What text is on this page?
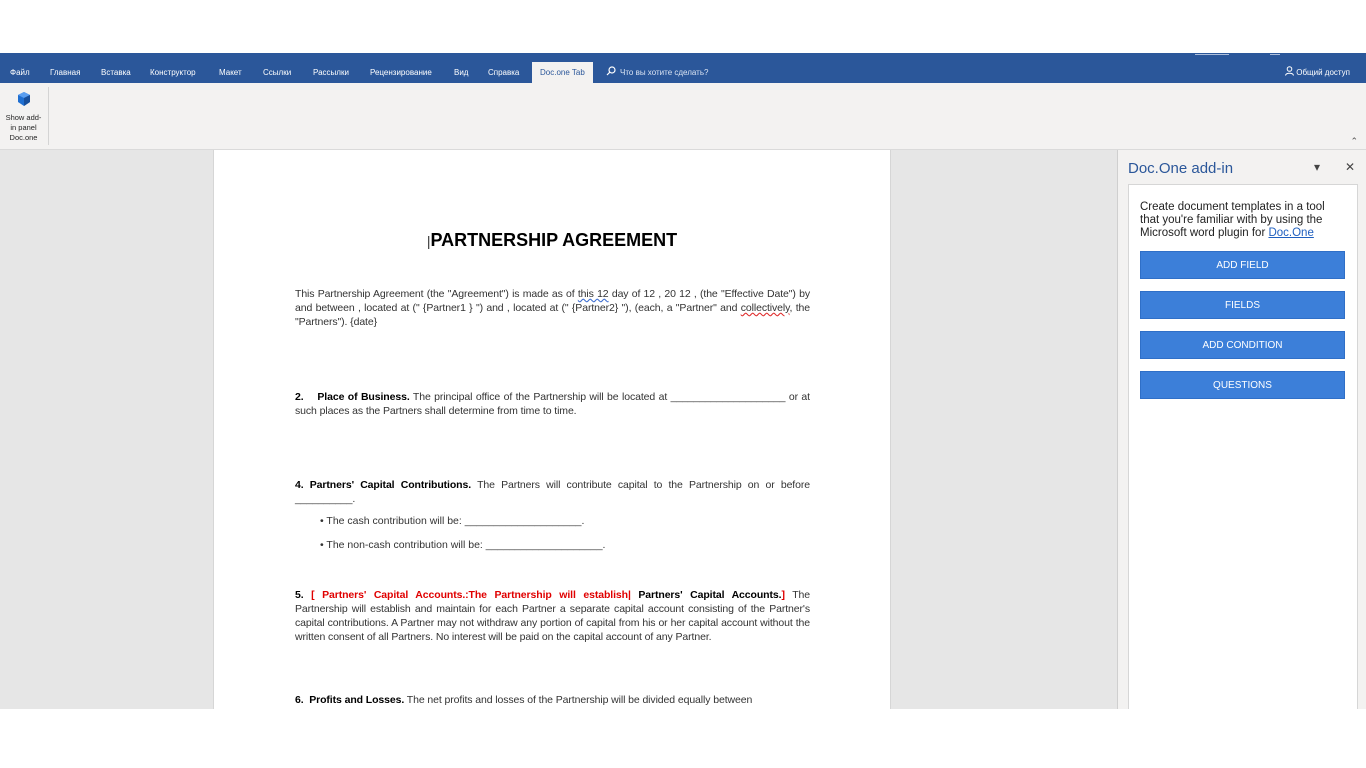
Файл	Главная	Вставка Конструктор	Макет	Ссылки	Рассылки	Рецензирование	Вид Справка	Doc.one Tab	Что вы хотите сделать?	Общий доступ
Show add-
in panel
Doc.one	⌃
|PARTNERSHIP AGREEMENT
This Partnership Agreement (the "Agreement") is made as of this 12 day of 12 , 20 12 , (the "Effective Date") by and between , located at (" {Partner1 } ") and , located at (" {Partner2} "), (each, a "Partner" and collectively, the "Partners"). {date}
2. Place of Business. The principal office of the Partnership will be located at ____________________ or at such places as the Partners shall determine from time to time.
4. Partners' Capital Contributions. The Partners will contribute capital to the Partnership on or before __________.
• The cash contribution will be: ____________________.
• The non-cash contribution will be: ____________________.
5. [ Partners' Capital Accounts.:The Partnership will establish| Partners' Capital Accounts.] The Partnership will establish and maintain for each Partner a separate capital account consisting of the Partner's capital contributions. A Partner may not withdraw any portion of capital from his or her capital account without the written consent of all Partners. No interest will be paid on the capital account of any Partner.
6. Profits and Losses. The net profits and losses of the Partnership will be divided equally between
Doc.One add-in	▾ ✕
Create document templates in a tool that you're familiar with by using the Microsoft word plugin for Doc.One
ADD FIELD
FIELDS
ADD CONDITION
QUESTIONS
